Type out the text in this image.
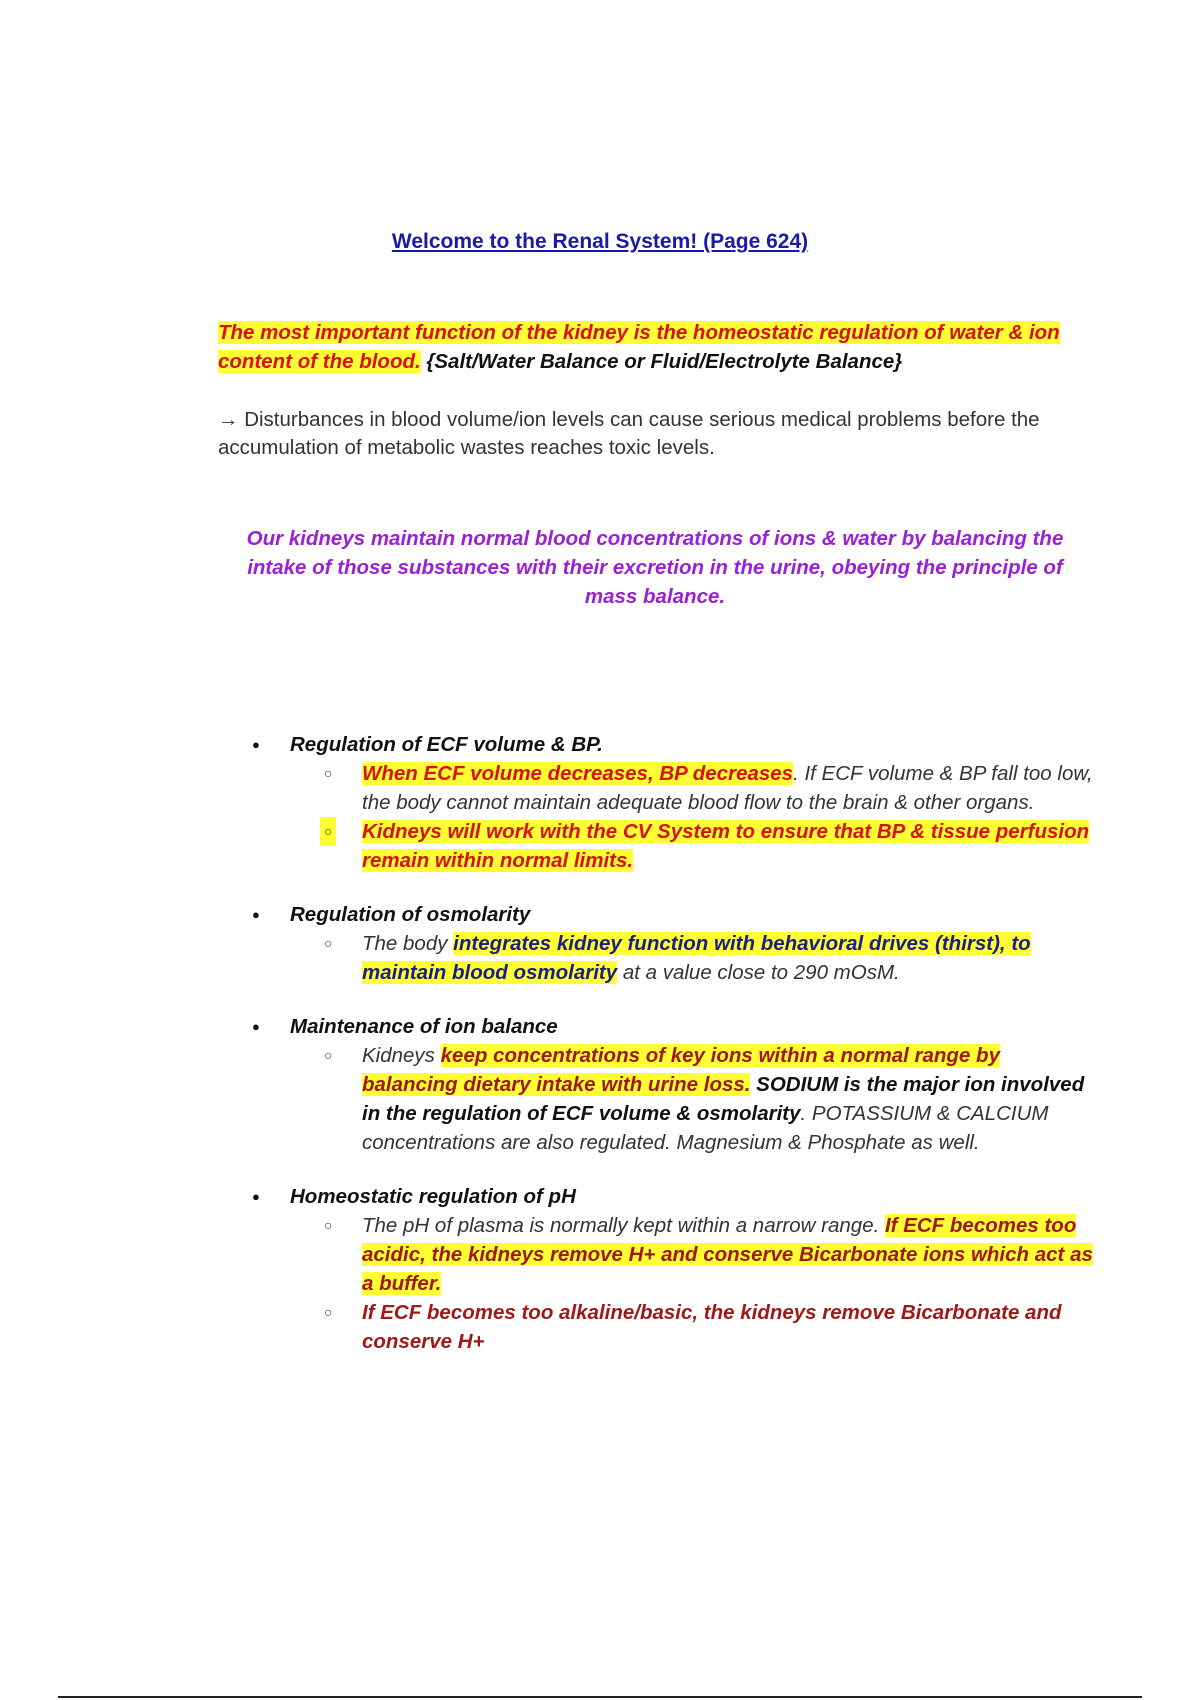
Welcome to the Renal System! (Page 624)
The most important function of the kidney is the homeostatic regulation of water & ion content of the blood. {Salt/Water Balance or Fluid/Electrolyte Balance}
→ Disturbances in blood volume/ion levels can cause serious medical problems before the accumulation of metabolic wastes reaches toxic levels.
Our kidneys maintain normal blood concentrations of ions & water by balancing the intake of those substances with their excretion in the urine, obeying the principle of mass balance.
● Regulation of ECF volume & BP.
○ When ECF volume decreases, BP decreases. If ECF volume & BP fall too low, the body cannot maintain adequate blood flow to the brain & other organs.
○ Kidneys will work with the CV System to ensure that BP & tissue perfusion remain within normal limits.
● Regulation of osmolarity
○ The body integrates kidney function with behavioral drives (thirst), to maintain blood osmolarity at a value close to 290 mOsM.
● Maintenance of ion balance
○ Kidneys keep concentrations of key ions within a normal range by balancing dietary intake with urine loss. SODIUM is the major ion involved in the regulation of ECF volume & osmolarity. POTASSIUM & CALCIUM concentrations are also regulated. Magnesium & Phosphate as well.
● Homeostatic regulation of pH
○ The pH of plasma is normally kept within a narrow range. If ECF becomes too acidic, the kidneys remove H+ and conserve Bicarbonate ions which act as a buffer.
○ If ECF becomes too alkaline/basic, the kidneys remove Bicarbonate and conserve H+
